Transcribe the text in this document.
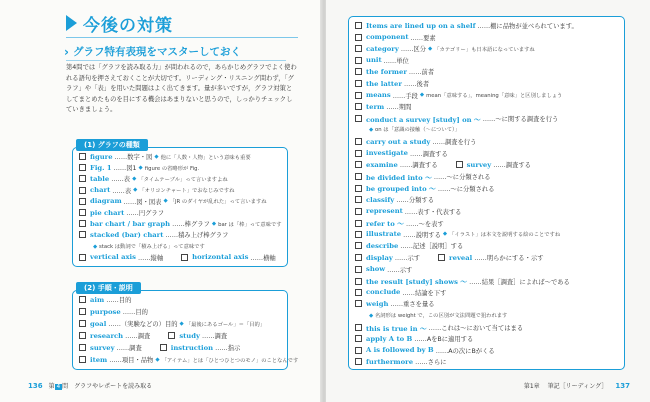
今後の対策
› グラフ特有表現をマスターしておく
第4問では「グラフを読み取る力」が問われるので，あらかじめグラフでよく使われる語句を押さえておくことが大切です。リーディング・リスニング問わず，「グラフ」や「表」を用いた問題はよく出てきます。量が多いですが，グラフ対策としてまとめたものを目にする機会はあまりないと思うので，しっかりチェックしていきましょう。
figure ……数字・図 ◆ 他に「人数・人物」という意味も重要
Fig. 1 ……図1 ◆ figure の省略形が Fig.
table ……表 ◆ 「タイムテーブル」って言いますよね
chart ……表 ◆ 「オリコンチャート」でおなじみですね
diagram ……図・図表 ◆ 「JR のダイヤが乱れた」って言いますね
pie chart ……円グラフ
bar chart / bar graph ……棒グラフ ◆ bar は「棒」って意味です
stacked (bar) chart ……積み上げ棒グラフ
◆ stack は動詞で「積み上げる」って意味です
vertical axis ……縦軸	horizontal axis ……横軸
(1) グラフの種類
aim ……目的
purpose ……目的
goal ……（実験などの）目的 ◆ 「最後にあるゴール」＝「目的」
research ……調査	study ……調査
survey ……調査	instruction ……指示
item ……項目・品物 ◆ 「アイテム」とは「ひとつひとつのモノ」のことなんです
(2) 手順・説明
136 第 4 問 グラフやレポートを読み取る
Items are lined up on a shelf ……棚に品物が並べられています。
component ……要素
category ……区分 ◆ 「カテゴリー」も日本語になっていますね
unit ……単位
the former ……前者
the latter ……後者
means ……手段 ◆ mean「意味する」，meaning「意味」と区別しましょう
term ……期間
conduct a survey [study] on ～ ……～に関する調査を行う
◆ on は「意識の接触（～について）」
carry out a study ……調査を行う
investigate ……調査する
examine ……調査する	survey ……調査する
be divided into ～ ……～に分類される
be grouped into ～ ……～に分類される
classify ……分類する
represent ……表す・代表する
refer to ～ ……～を表す
illustrate ……説明する ◆ 「イラスト」は本文を説明する絵のことですね
describe ……記述［説明］する
display ……示す	reveal ……明らかにする・示す
show ……示す
the result [study] shows ～ ……結果［調査］によれば～である
conclude ……結論を下す
weigh ……重さを量る
◆ 名詞形は weight で，この区別が文法問題で狙われます
this is true in ～ ……これは～において当てはまる
apply A to B ……AをBに適用する
A is followed by B ……Aの次にBがくる
furthermore ……さらに
第1章 筆記［リーディング］ 137
